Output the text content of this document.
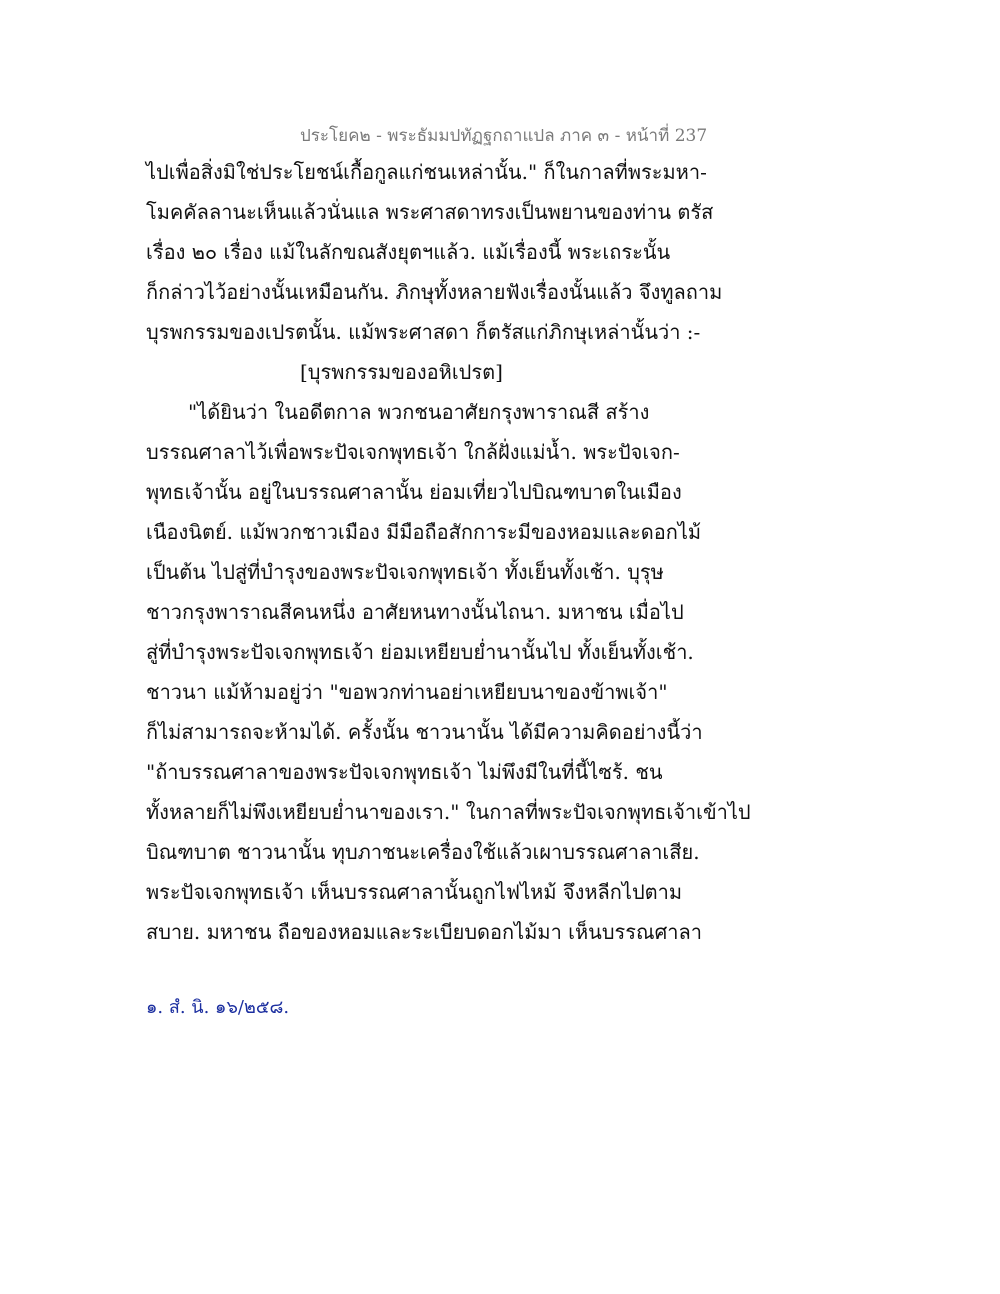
ประโยค๒ - พระธัมมปทัฏฐกถาแปล ภาค ๓ - หน้าที่ 237
ไปเพื่อสิ่งมิใช่ประโยชน์เกื้อกูลแก่ชนเหล่านั้น." ก็ในกาลที่พระมหา-
โมคคัลลานะเห็นแล้วนั่นแล พระศาสดาทรงเป็นพยานของท่าน ตรัส
เรื่อง ๒๐ เรื่อง แม้ในลักขณสังยุตฯแล้ว. แม้เรื่องนี้ พระเถระนั้น
ก็กล่าวไว้อย่างนั้นเหมือนกัน. ภิกษุทั้งหลายฟังเรื่องนั้นแล้ว จึงทูลถาม
บุรพกรรมของเปรตนั้น. แม้พระศาสดา ก็ตรัสแก่ภิกษุเหล่านั้นว่า :-
[บุรพกรรมของอหิเปรต]
"ได้ยินว่า ในอดีตกาล พวกชนอาศัยกรุงพาราณสี สร้าง
บรรณศาลาไว้เพื่อพระปัจเจกพุทธเจ้า ใกล้ฝั่งแม่น้ำ. พระปัจเจก-
พุทธเจ้านั้น อยู่ในบรรณศาลานั้น ย่อมเที่ยวไปบิณฑบาตในเมือง
เนืองนิตย์. แม้พวกชาวเมือง มีมือถือสักการะมีของหอมและดอกไม้
เป็นต้น ไปสู่ที่บำรุงของพระปัจเจกพุทธเจ้า ทั้งเย็นทั้งเช้า. บุรุษ
ชาวกรุงพาราณสีคนหนึ่ง อาศัยหนทางนั้นไถนา. มหาชน เมื่อไป
สู่ที่บำรุงพระปัจเจกพุทธเจ้า ย่อมเหยียบย่ำนานั้นไป ทั้งเย็นทั้งเช้า.
ชาวนา แม้ห้ามอยู่ว่า "ขอพวกท่านอย่าเหยียบนาของข้าพเจ้า"
ก็ไม่สามารถจะห้ามได้. ครั้งนั้น ชาวนานั้น ได้มีความคิดอย่างนี้ว่า
"ถ้าบรรณศาลาของพระปัจเจกพุทธเจ้า ไม่พึงมีในที่นี้ไซร้. ชน
ทั้งหลายก็ไม่พึงเหยียบย่ำนาของเรา." ในกาลที่พระปัจเจกพุทธเจ้าเข้าไป
บิณฑบาต ชาวนานั้น ทุบภาชนะเครื่องใช้แล้วเผาบรรณศาลาเสีย.
พระปัจเจกพุทธเจ้า เห็นบรรณศาลานั้นถูกไฟไหม้ จึงหลีกไปตาม
สบาย. มหาชน ถือของหอมและระเบียบดอกไม้มา เห็นบรรณศาลา
๑. สํ. นิ. ๑๖/๒๕๘.
